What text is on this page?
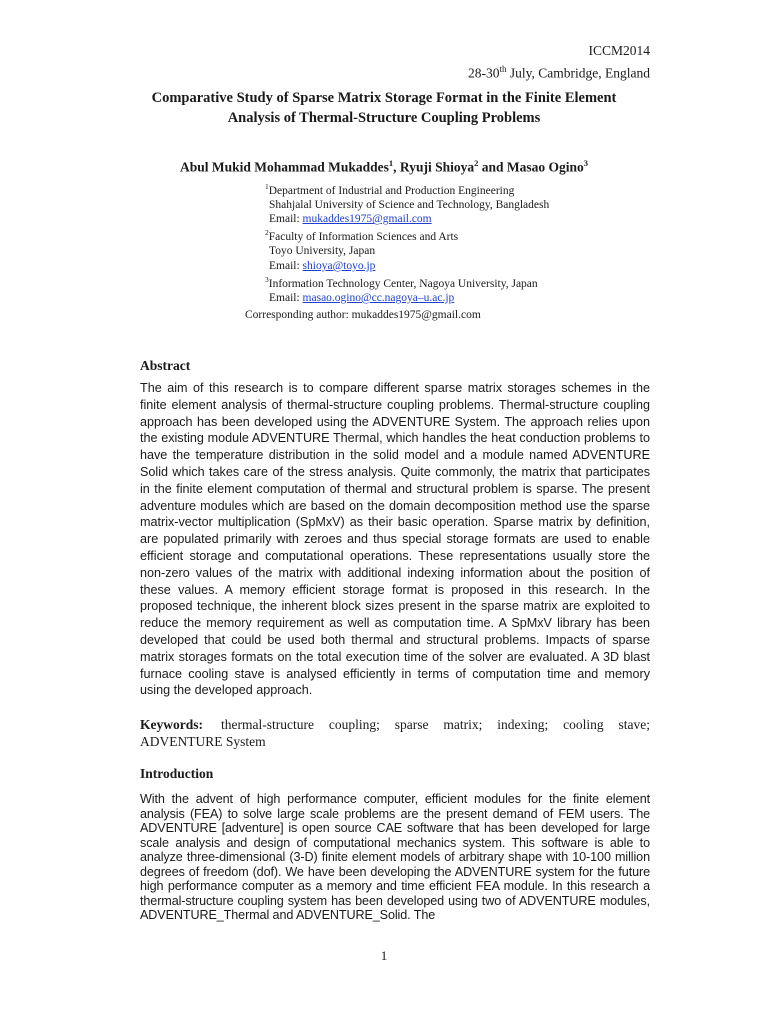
ICCM2014
28-30th July, Cambridge, England
Comparative Study of Sparse Matrix Storage Format in the Finite Element Analysis of Thermal-Structure Coupling Problems
Abul Mukid Mohammad Mukaddes$^1$, Ryuji Shioya$^2$ and Masao Ogino$^3$
$^1$Department of Industrial and Production Engineering
Shahjalal University of Science and Technology, Bangladesh
Email: mukaddes1975@gmail.com
$^2$Faculty of Information Sciences and Arts
Toyo University, Japan
Email: shioya@toyo.jp
$^3$Information Technology Center, Nagoya University, Japan
Email: masao.ogino@cc.nagoya–u.ac.jp
Corresponding author: mukaddes1975@gmail.com
Abstract
The aim of this research is to compare different sparse matrix storages schemes in the finite element analysis of thermal-structure coupling problems. Thermal-structure coupling approach has been developed using the ADVENTURE System. The approach relies upon the existing module ADVENTURE Thermal, which handles the heat conduction problems to have the temperature distribution in the solid model and a module named ADVENTURE Solid which takes care of the stress analysis. Quite commonly, the matrix that participates in the finite element computation of thermal and structural problem is sparse. The present adventure modules which are based on the domain decomposition method use the sparse matrix-vector multiplication (SpMxV) as their basic operation. Sparse matrix by definition, are populated primarily with zeroes and thus special storage formats are used to enable efficient storage and computational operations. These representations usually store the non-zero values of the matrix with additional indexing information about the position of these values. A memory efficient storage format is proposed in this research. In the proposed technique, the inherent block sizes present in the sparse matrix are exploited to reduce the memory requirement as well as computation time. A SpMxV library has been developed that could be used both thermal and structural problems. Impacts of sparse matrix storages formats on the total execution time of the solver are evaluated. A 3D blast furnace cooling stave is analysed efficiently in terms of computation time and memory using the developed approach.
Keywords: thermal-structure coupling; sparse matrix; indexing; cooling stave; ADVENTURE System
Introduction
With the advent of high performance computer, efficient modules for the finite element analysis (FEA) to solve large scale problems are the present demand of FEM users. The ADVENTURE [adventure] is open source CAE software that has been developed for large scale analysis and design of computational mechanics system. This software is able to analyze three-dimensional (3-D) finite element models of arbitrary shape with 10-100 million degrees of freedom (dof). We have been developing the ADVENTURE system for the future high performance computer as a memory and time efficient FEA module. In this research a thermal-structure coupling system has been developed using two of ADVENTURE modules, ADVENTURE_Thermal and ADVENTURE_Solid. The
1
